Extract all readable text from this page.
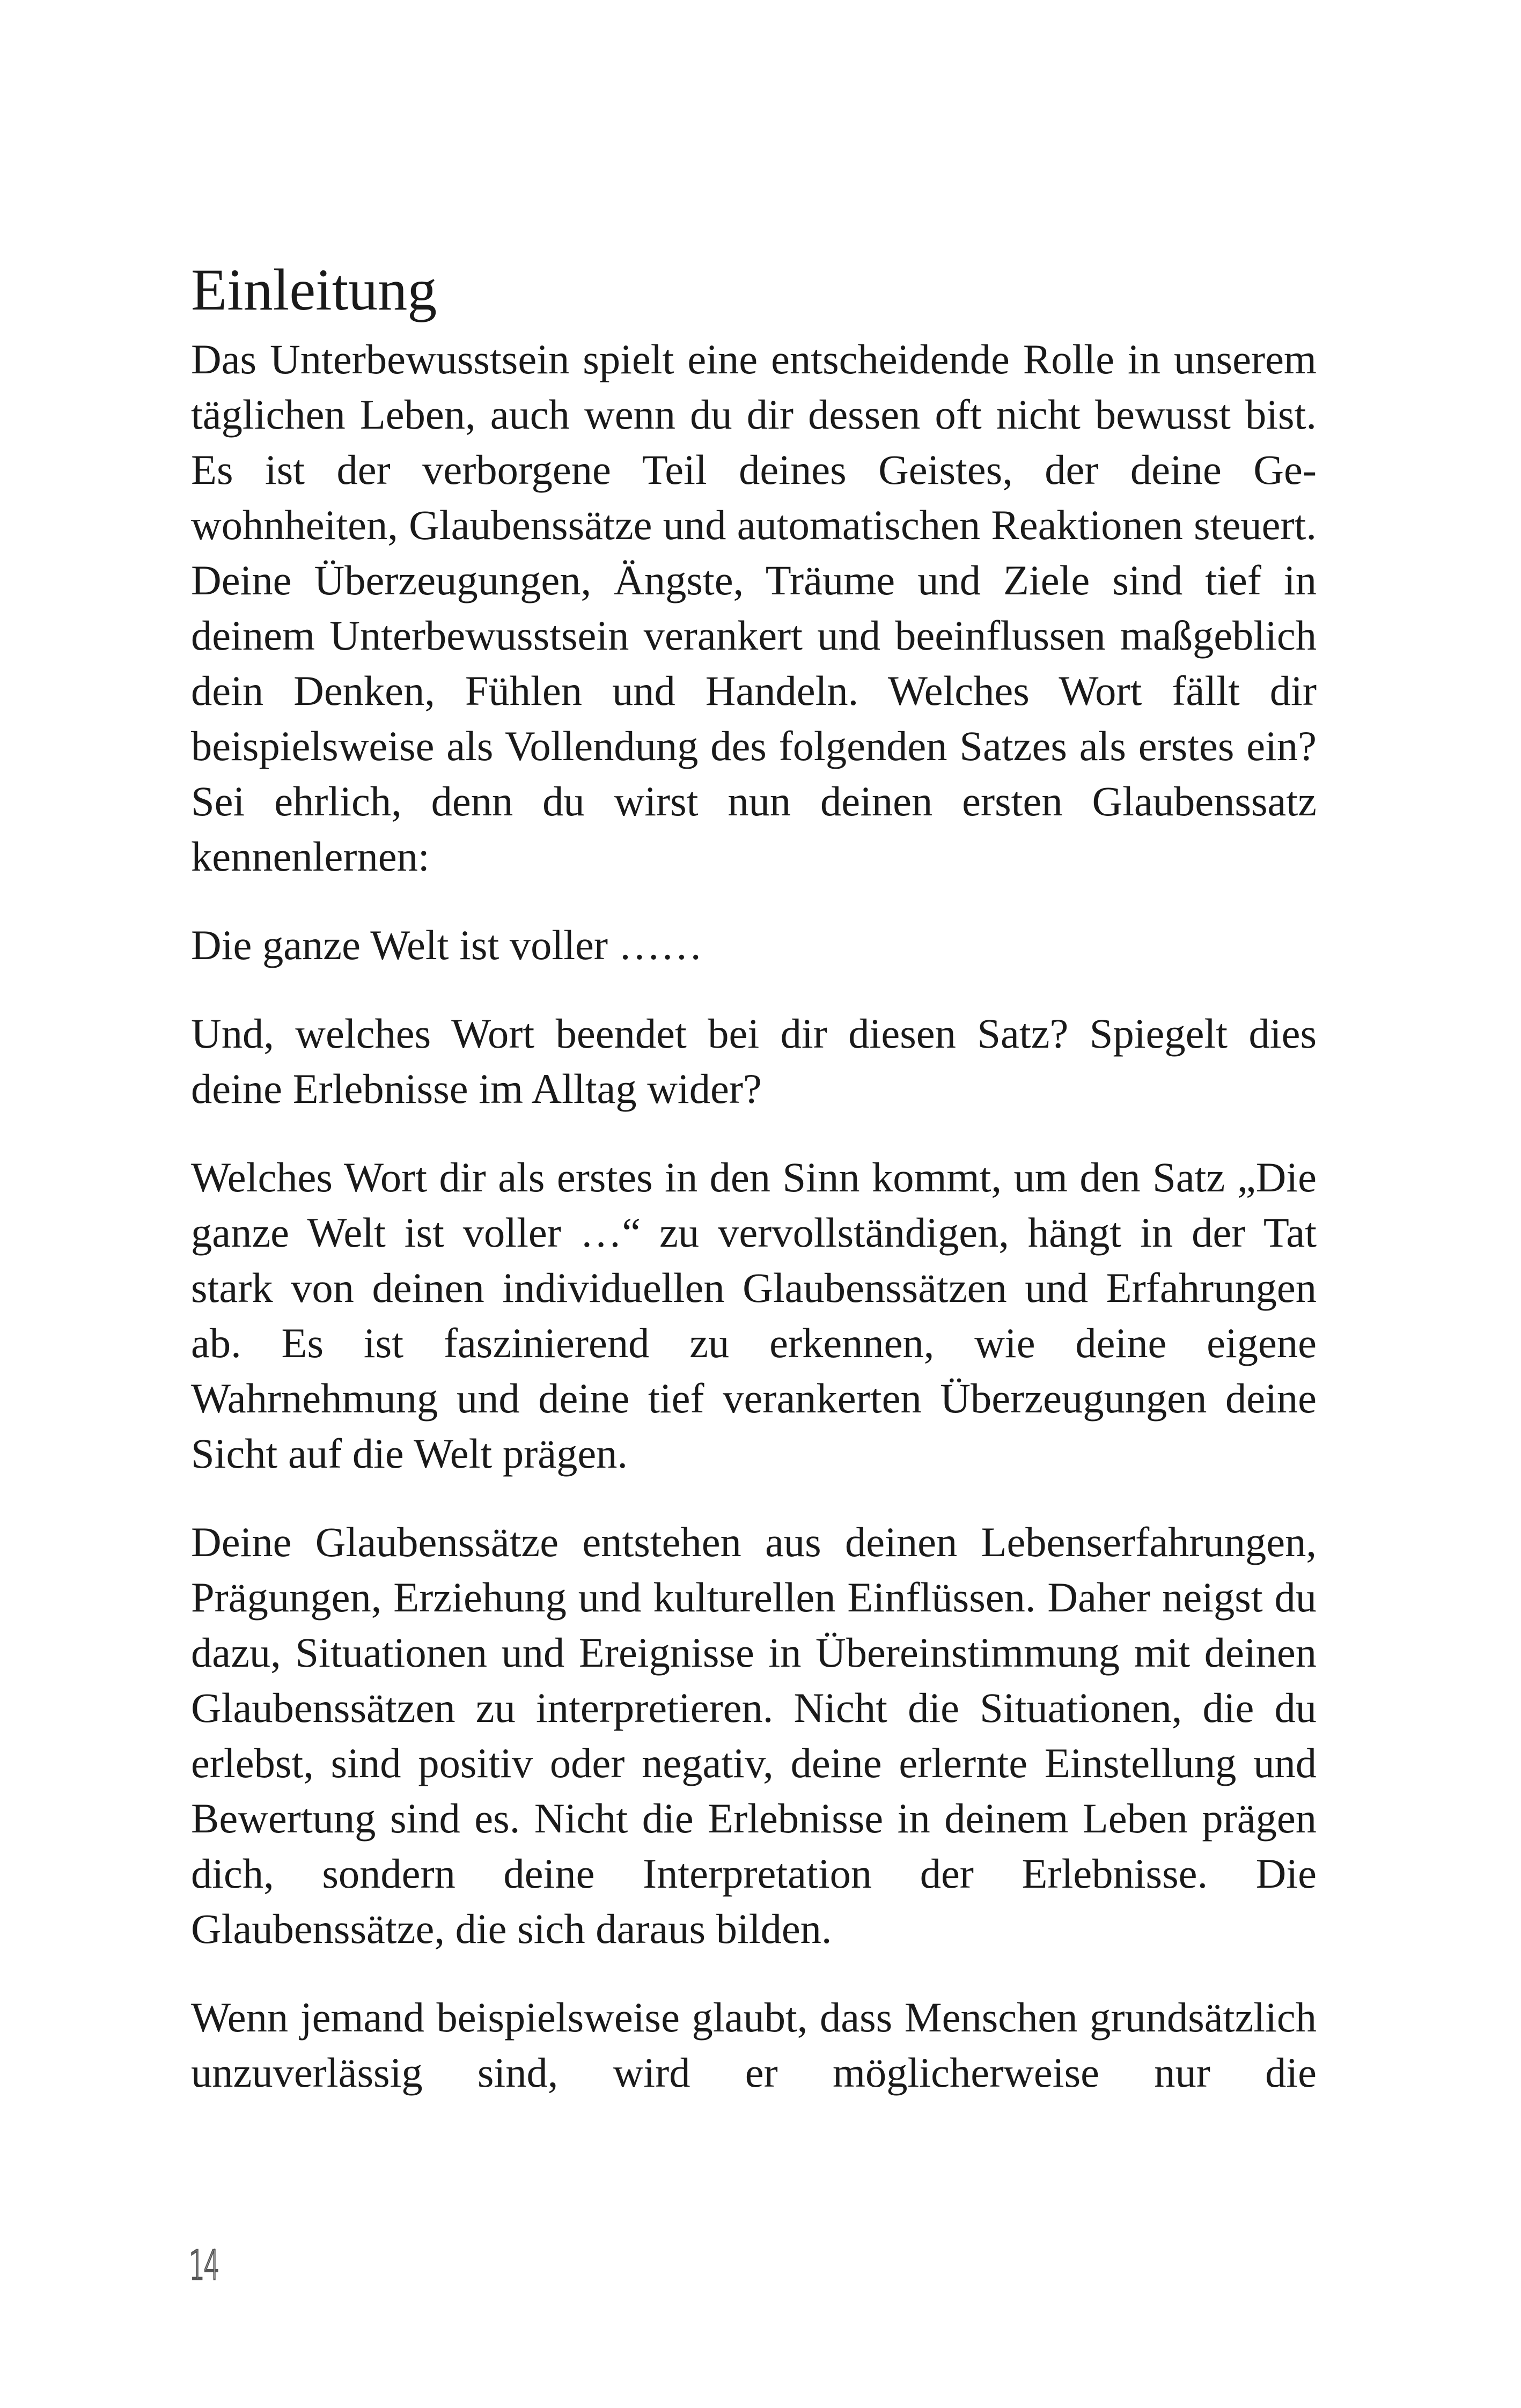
Einleitung

Das Unterbewusstsein spielt eine entscheidende Rolle in unserem täglichen Leben, auch wenn du dir dessen oft nicht bewusst bist. Es ist der verborgene Teil deines Geistes, der deine Gewohnheiten, Glaubenssätze und automatischen Reaktionen steuert. Deine Überzeugungen, Ängste, Träume und Ziele sind tief in deinem Unterbewusstsein verankert und beeinflussen maßgeblich dein Denken, Fühlen und Handeln. Welches Wort fällt dir beispielsweise als Vollendung des folgenden Satzes als erstes ein? Sei ehrlich, denn du wirst nun deinen ersten Glaubenssatz kennenlernen:

Die ganze Welt ist voller ……

Und, welches Wort beendet bei dir diesen Satz? Spiegelt dies deine Erlebnisse im Alltag wider?

Welches Wort dir als erstes in den Sinn kommt, um den Satz „Die ganze Welt ist voller …“ zu vervollständigen, hängt in der Tat stark von deinen individuellen Glaubenssätzen und Erfahrungen ab. Es ist faszinierend zu erkennen, wie deine eigene Wahrnehmung und deine tief verankerten Überzeugungen deine Sicht auf die Welt prägen.

Deine Glaubenssätze entstehen aus deinen Lebenserfahrungen, Prägungen, Erziehung und kulturellen Einflüssen. Daher neigst du dazu, Situationen und Ereignisse in Übereinstimmung mit deinen Glaubenssätzen zu interpretieren. Nicht die Situationen, die du erlebst, sind positiv oder negativ, deine erlernte Einstellung und Bewertung sind es. Nicht die Erlebnisse in deinem Leben prägen dich, sondern deine Interpretation der Erlebnisse. Die Glaubenssätze, die sich daraus bilden.

Wenn jemand beispielsweise glaubt, dass Menschen grundsätzlich unzuverlässig sind, wird er möglicherweise nur die

14
